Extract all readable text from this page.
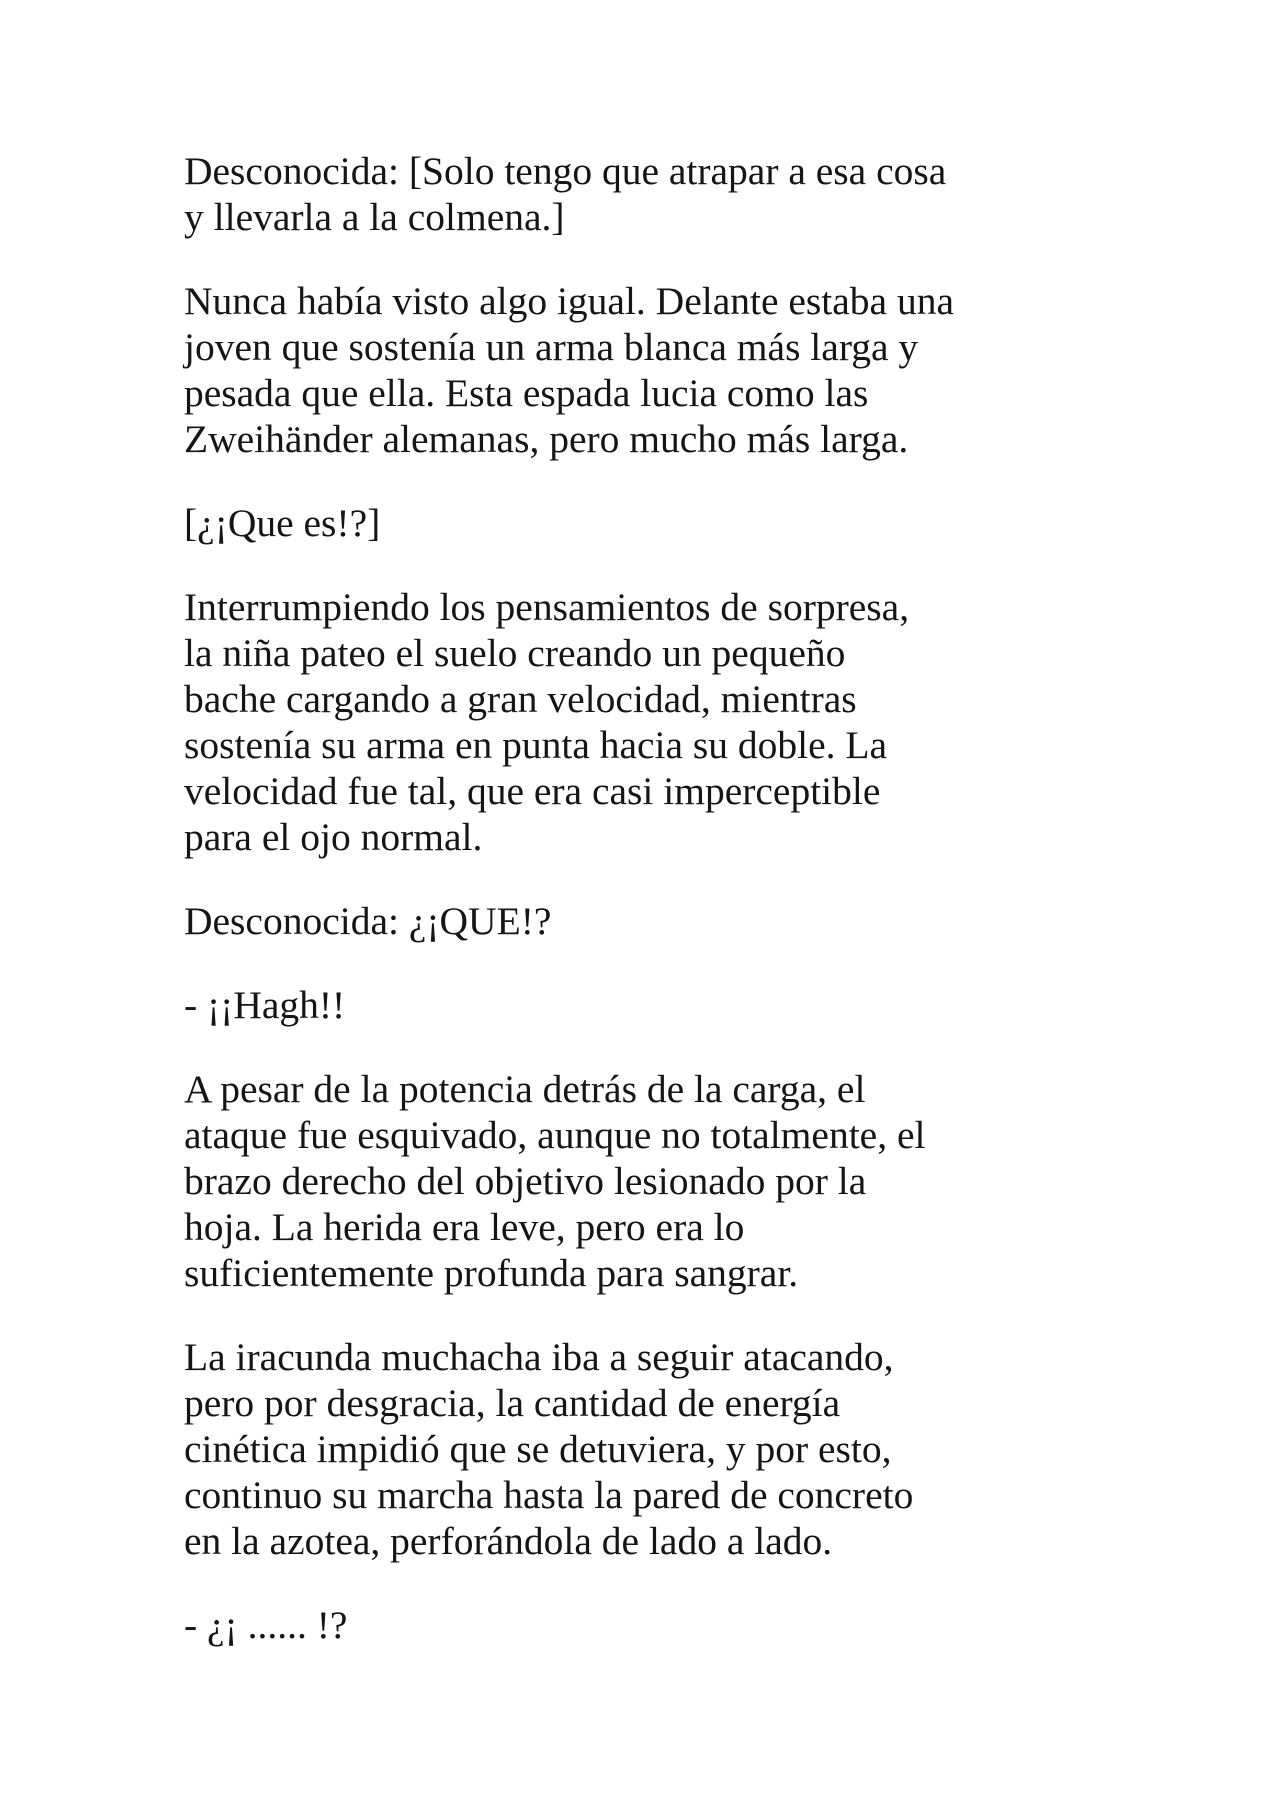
Desconocida: [Solo tengo que atrapar a esa cosa
y llevarla a la colmena.]

Nunca había visto algo igual. Delante estaba una
joven que sostenía un arma blanca más larga y
pesada que ella. Esta espada lucia como las
Zweihänder alemanas, pero mucho más larga.

[¿¡Que es!?]

Interrumpiendo los pensamientos de sorpresa,
la niña pateo el suelo creando un pequeño
bache cargando a gran velocidad, mientras
sostenía su arma en punta hacia su doble. La
velocidad fue tal, que era casi imperceptible
para el ojo normal.

Desconocida: ¿¡QUE!?

- ¡¡Hagh!!

A pesar de la potencia detrás de la carga, el
ataque fue esquivado, aunque no totalmente, el
brazo derecho del objetivo lesionado por la
hoja. La herida era leve, pero era lo
suficientemente profunda para sangrar.

La iracunda muchacha iba a seguir atacando,
pero por desgracia, la cantidad de energía
cinética impidió que se detuviera, y por esto,
continuo su marcha hasta la pared de concreto
en la azotea, perforándola de lado a lado.

- ¿¡ ...... !?
